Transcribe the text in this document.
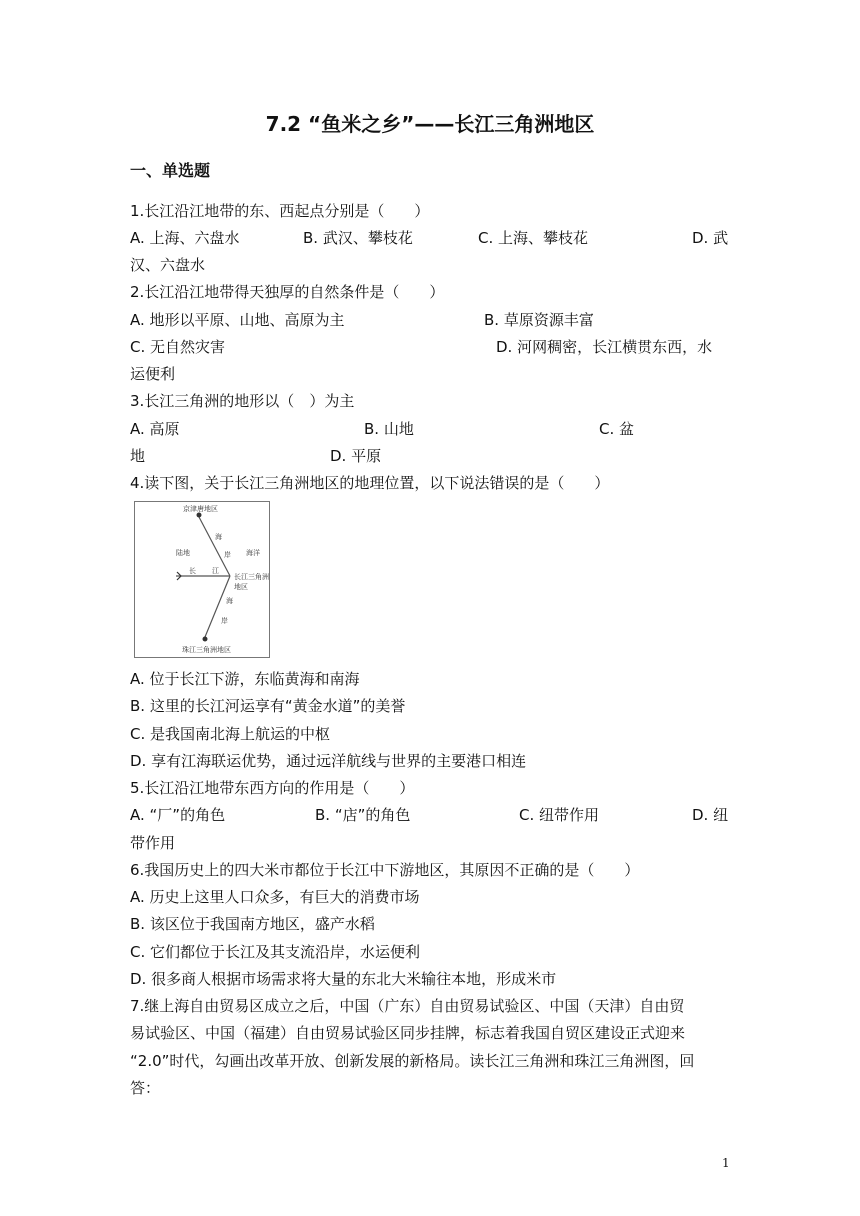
7.2 “鱼米之乡”——长江三角洲地区
一、单选题
1.长江沿江地带的东、西起点分别是（　　）
A. 上海、六盘水	B. 武汉、攀枝花	C. 上海、攀枝花	D. 武
汉、六盘水
2.长江沿江地带得天独厚的自然条件是（　　）
A. 地形以平原、山地、高原为主	B. 草原资源丰富
C. 无自然灾害	D. 河网稠密，长江横贯东西，水
运便利
3.长江三角洲的地形以（　）为主
A. 高原	B. 山地	C. 盆
地	D. 平原
4.读下图，关于长江三角洲地区的地理位置，以下说法错误的是（　　）
京津唐地区
珠江三角洲地区
陆地	海洋
长 江
长江三角洲
地区
海
岸
海
岸
A. 位于长江下游，东临黄海和南海
B. 这里的长江河运享有“黄金水道”的美誉
C. 是我国南北海上航运的中枢
D. 享有江海联运优势，通过远洋航线与世界的主要港口相连
5.长江沿江地带东西方向的作用是（　　）
A. “厂”的角色	B. “店”的角色	C. 纽带作用	D. 纽
带作用
6.我国历史上的四大米市都位于长江中下游地区，其原因不正确的是（　　）
A. 历史上这里人口众多，有巨大的消费市场
B. 该区位于我国南方地区，盛产水稻
C. 它们都位于长江及其支流沿岸，水运便利
D. 很多商人根据市场需求将大量的东北大米输往本地，形成米市
7.继上海自由贸易区成立之后，中国（广东）自由贸易试验区、中国（天津）自由贸
易试验区、中国（福建）自由贸易试验区同步挂牌，标志着我国自贸区建设正式迎来
“2.0”时代，勾画出改革开放、创新发展的新格局。读长江三角洲和珠江三角洲图，回
答：
1
